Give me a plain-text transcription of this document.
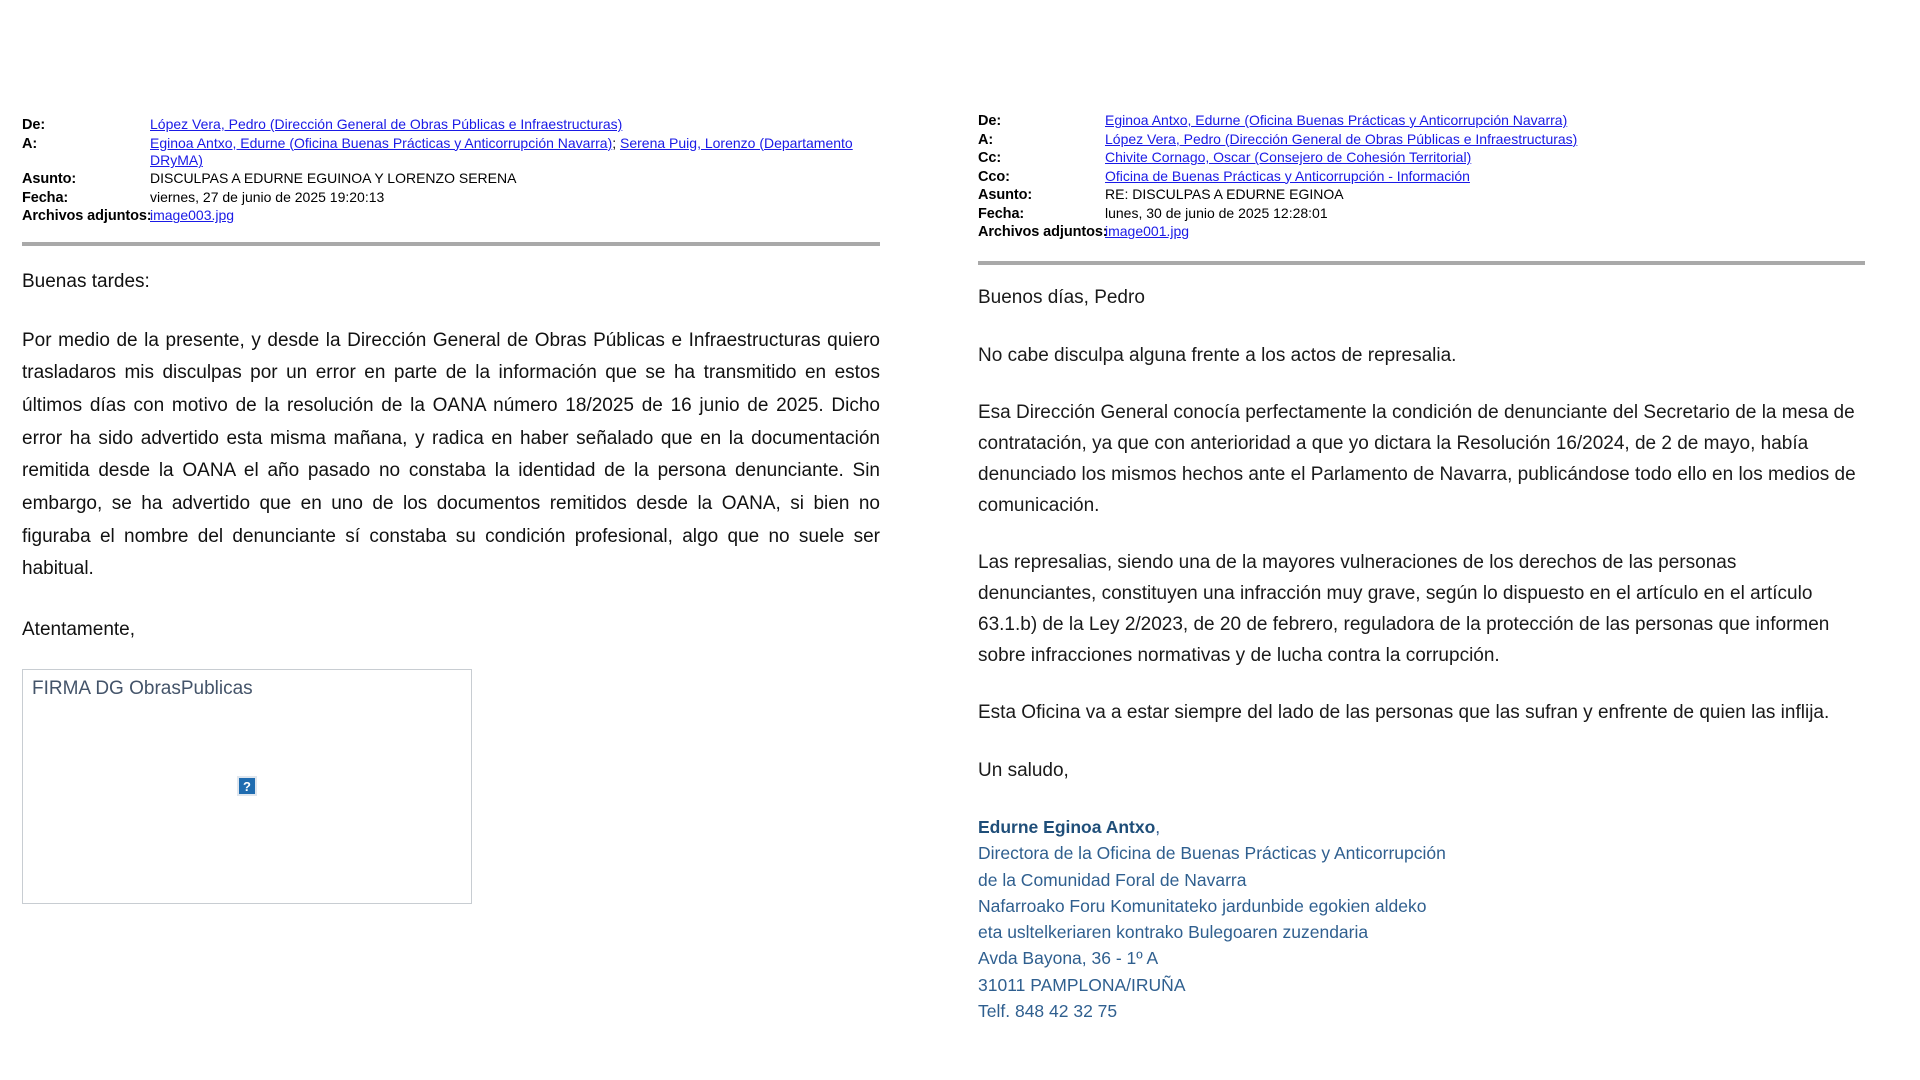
De:	López Vera, Pedro (Dirección General de Obras Públicas e Infraestructuras)
A:	Eginoa Antxo, Edurne (Oficina Buenas Prácticas y Anticorrupción Navarra); Serena Puig, Lorenzo (Departamento DRyMA)
Asunto:	DISCULPAS A EDURNE EGUINOA Y LORENZO SERENA
Fecha:	viernes, 27 de junio de 2025 19:20:13
Archivos adjuntos:
image003.jpg

Buenas tardes:

Por medio de la presente, y desde la Dirección General de Obras Públicas e Infraestructuras quiero trasladaros mis disculpas por un error en parte de la información que se ha transmitido en estos últimos días con motivo de la resolución de la OANA número 18/2025 de 16 junio de 2025. Dicho error ha sido advertido esta misma mañana, y radica en haber señalado que en la documentación remitida desde la OANA el año pasado no constaba la identidad de la persona denunciante. Sin embargo, se ha advertido que en uno de los documentos remitidos desde la OANA, si bien no figuraba el nombre del denunciante sí constaba su condición profesional, algo que no suele ser habitual.

Atentamente,

FIRMA DG ObrasPublicas
?
De:	Eginoa Antxo, Edurne (Oficina Buenas Prácticas y Anticorrupción Navarra)
A:	López Vera, Pedro (Dirección General de Obras Públicas e Infraestructuras)
Cc:	Chivite Cornago, Oscar (Consejero de Cohesión Territorial)
Cco:	Oficina de Buenas Prácticas y Anticorrupción - Información
Asunto:	RE: DISCULPAS A EDURNE EGINOA
Fecha:	lunes, 30 de junio de 2025 12:28:01
Archivos adjuntos:
image001.jpg

Buenos días, Pedro

No cabe disculpa alguna frente a los actos de represalia.

Esa Dirección General conocía perfectamente la condición de denunciante del Secretario de la mesa de contratación, ya que con anterioridad a que yo dictara la Resolución 16/2024, de 2 de mayo, había denunciado los mismos hechos ante el Parlamento de Navarra, publicándose todo ello en los medios de comunicación.

Las represalias, siendo una de la mayores vulneraciones de los derechos de las personas denunciantes, constituyen una infracción muy grave, según lo dispuesto en el artículo en el artículo 63.1.b) de la Ley 2/2023, de 20 de febrero, reguladora de la protección de las personas que informen sobre infracciones normativas y de lucha contra la corrupción.

Esta Oficina va a estar siempre del lado de las personas que las sufran y enfrente de quien las inflija.

Un saludo,

Edurne Eginoa Antxo,
Directora de la Oficina de Buenas Prácticas y Anticorrupción
de la Comunidad Foral de Navarra
Nafarroako Foru Komunitateko jardunbide egokien aldeko
eta usltelkeriaren kontrako Bulegoaren zuzendaria
Avda Bayona, 36 - 1º A
31011 PAMPLONA/IRUÑA
Telf. 848 42 32 75
